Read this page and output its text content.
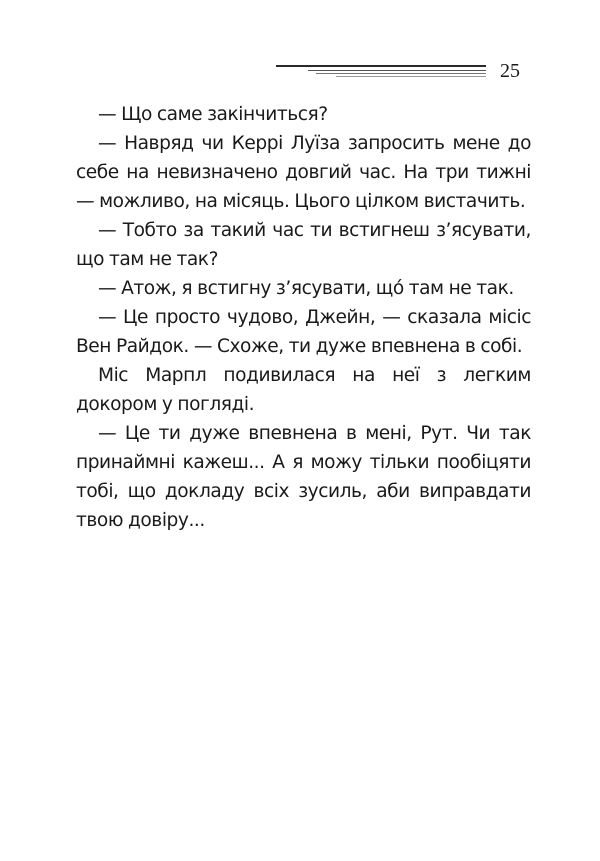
25

— Що саме закінчиться?

— Навряд чи Керрі Луїза запросить мене до себе на невизначено довгий час. На три тижні — можливо, на місяць. Цього цілком вистачить.

— Тобто за такий час ти встигнеш з’ясувати, що там не так?

— Атож, я встигну з’ясувати, щó там не так.

— Це просто чудово, Джейн, — сказала місіс Вен Райдок. — Схоже, ти дуже впевнена в собі.

Міс Марпл подивилася на неї з легким докором у погляді.

— Це ти дуже впевнена в мені, Рут. Чи так принаймні кажеш... А я можу тільки пообіцяти тобі, що докладу всіх зусиль, аби виправдати твою довіру...
